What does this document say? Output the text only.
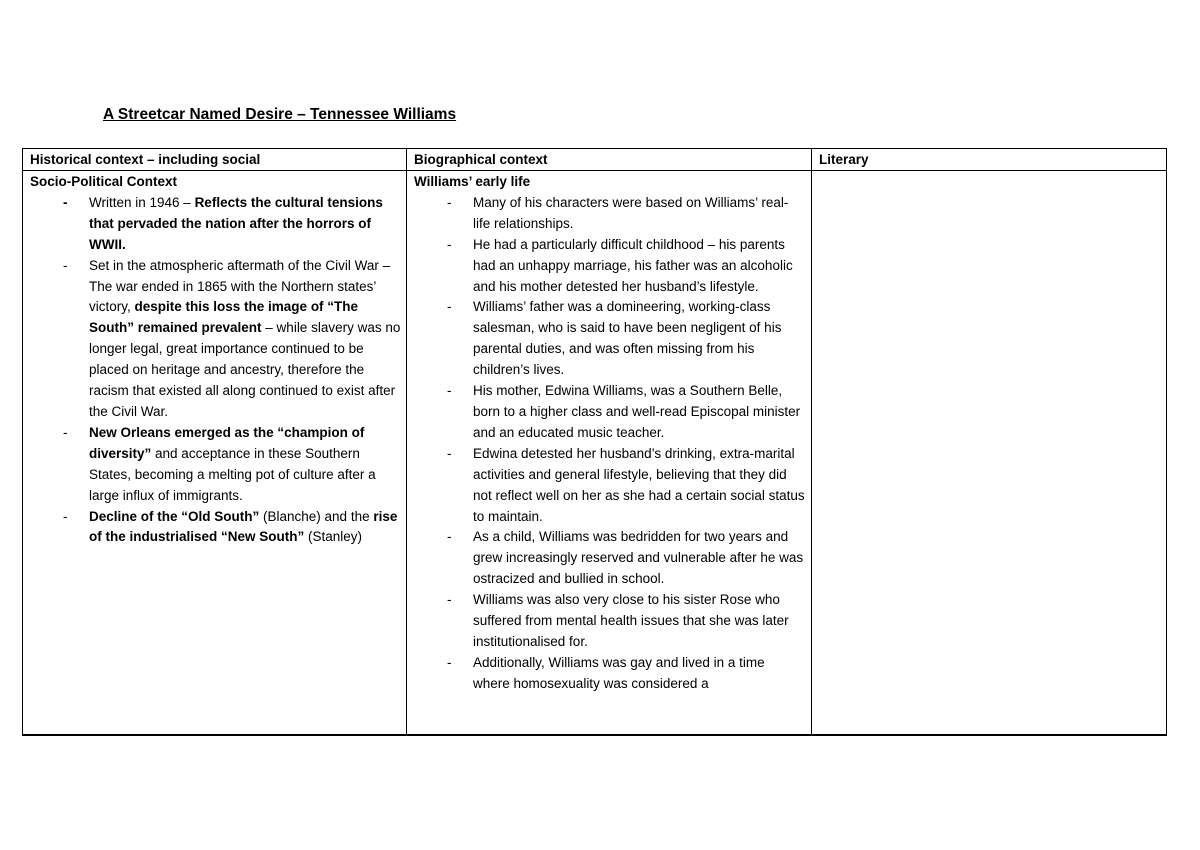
A Streetcar Named Desire – Tennessee Williams
Historical context – including social	Biographical context	Literary
Socio-Political Context
- Written in 1946 – Reflects the cultural tensions that pervaded the nation after the horrors of WWII.
- Set in the atmospheric aftermath of the Civil War – The war ended in 1865 with the Northern states’ victory, despite this loss the image of “The South” remained prevalent – while slavery was no longer legal, great importance continued to be placed on heritage and ancestry, therefore the racism that existed all along continued to exist after the Civil War.
- New Orleans emerged as the “champion of diversity” and acceptance in these Southern States, becoming a melting pot of culture after a large influx of immigrants.
- Decline of the “Old South” (Blanche) and the rise of the industrialised “New South” (Stanley)
Williams’ early life
- Many of his characters were based on Williams’ real-life relationships.
- He had a particularly difficult childhood – his parents had an unhappy marriage, his father was an alcoholic and his mother detested her husband’s lifestyle.
- Williams’ father was a domineering, working-class salesman, who is said to have been negligent of his parental duties, and was often missing from his children’s lives.
- His mother, Edwina Williams, was a Southern Belle, born to a higher class and well-read Episcopal minister and an educated music teacher.
- Edwina detested her husband’s drinking, extra-marital activities and general lifestyle, believing that they did not reflect well on her as she had a certain social status to maintain.
- As a child, Williams was bedridden for two years and grew increasingly reserved and vulnerable after he was ostracized and bullied in school.
- Williams was also very close to his sister Rose who suffered from mental health issues that she was later institutionalised for.
- Additionally, Williams was gay and lived in a time where homosexuality was considered a
